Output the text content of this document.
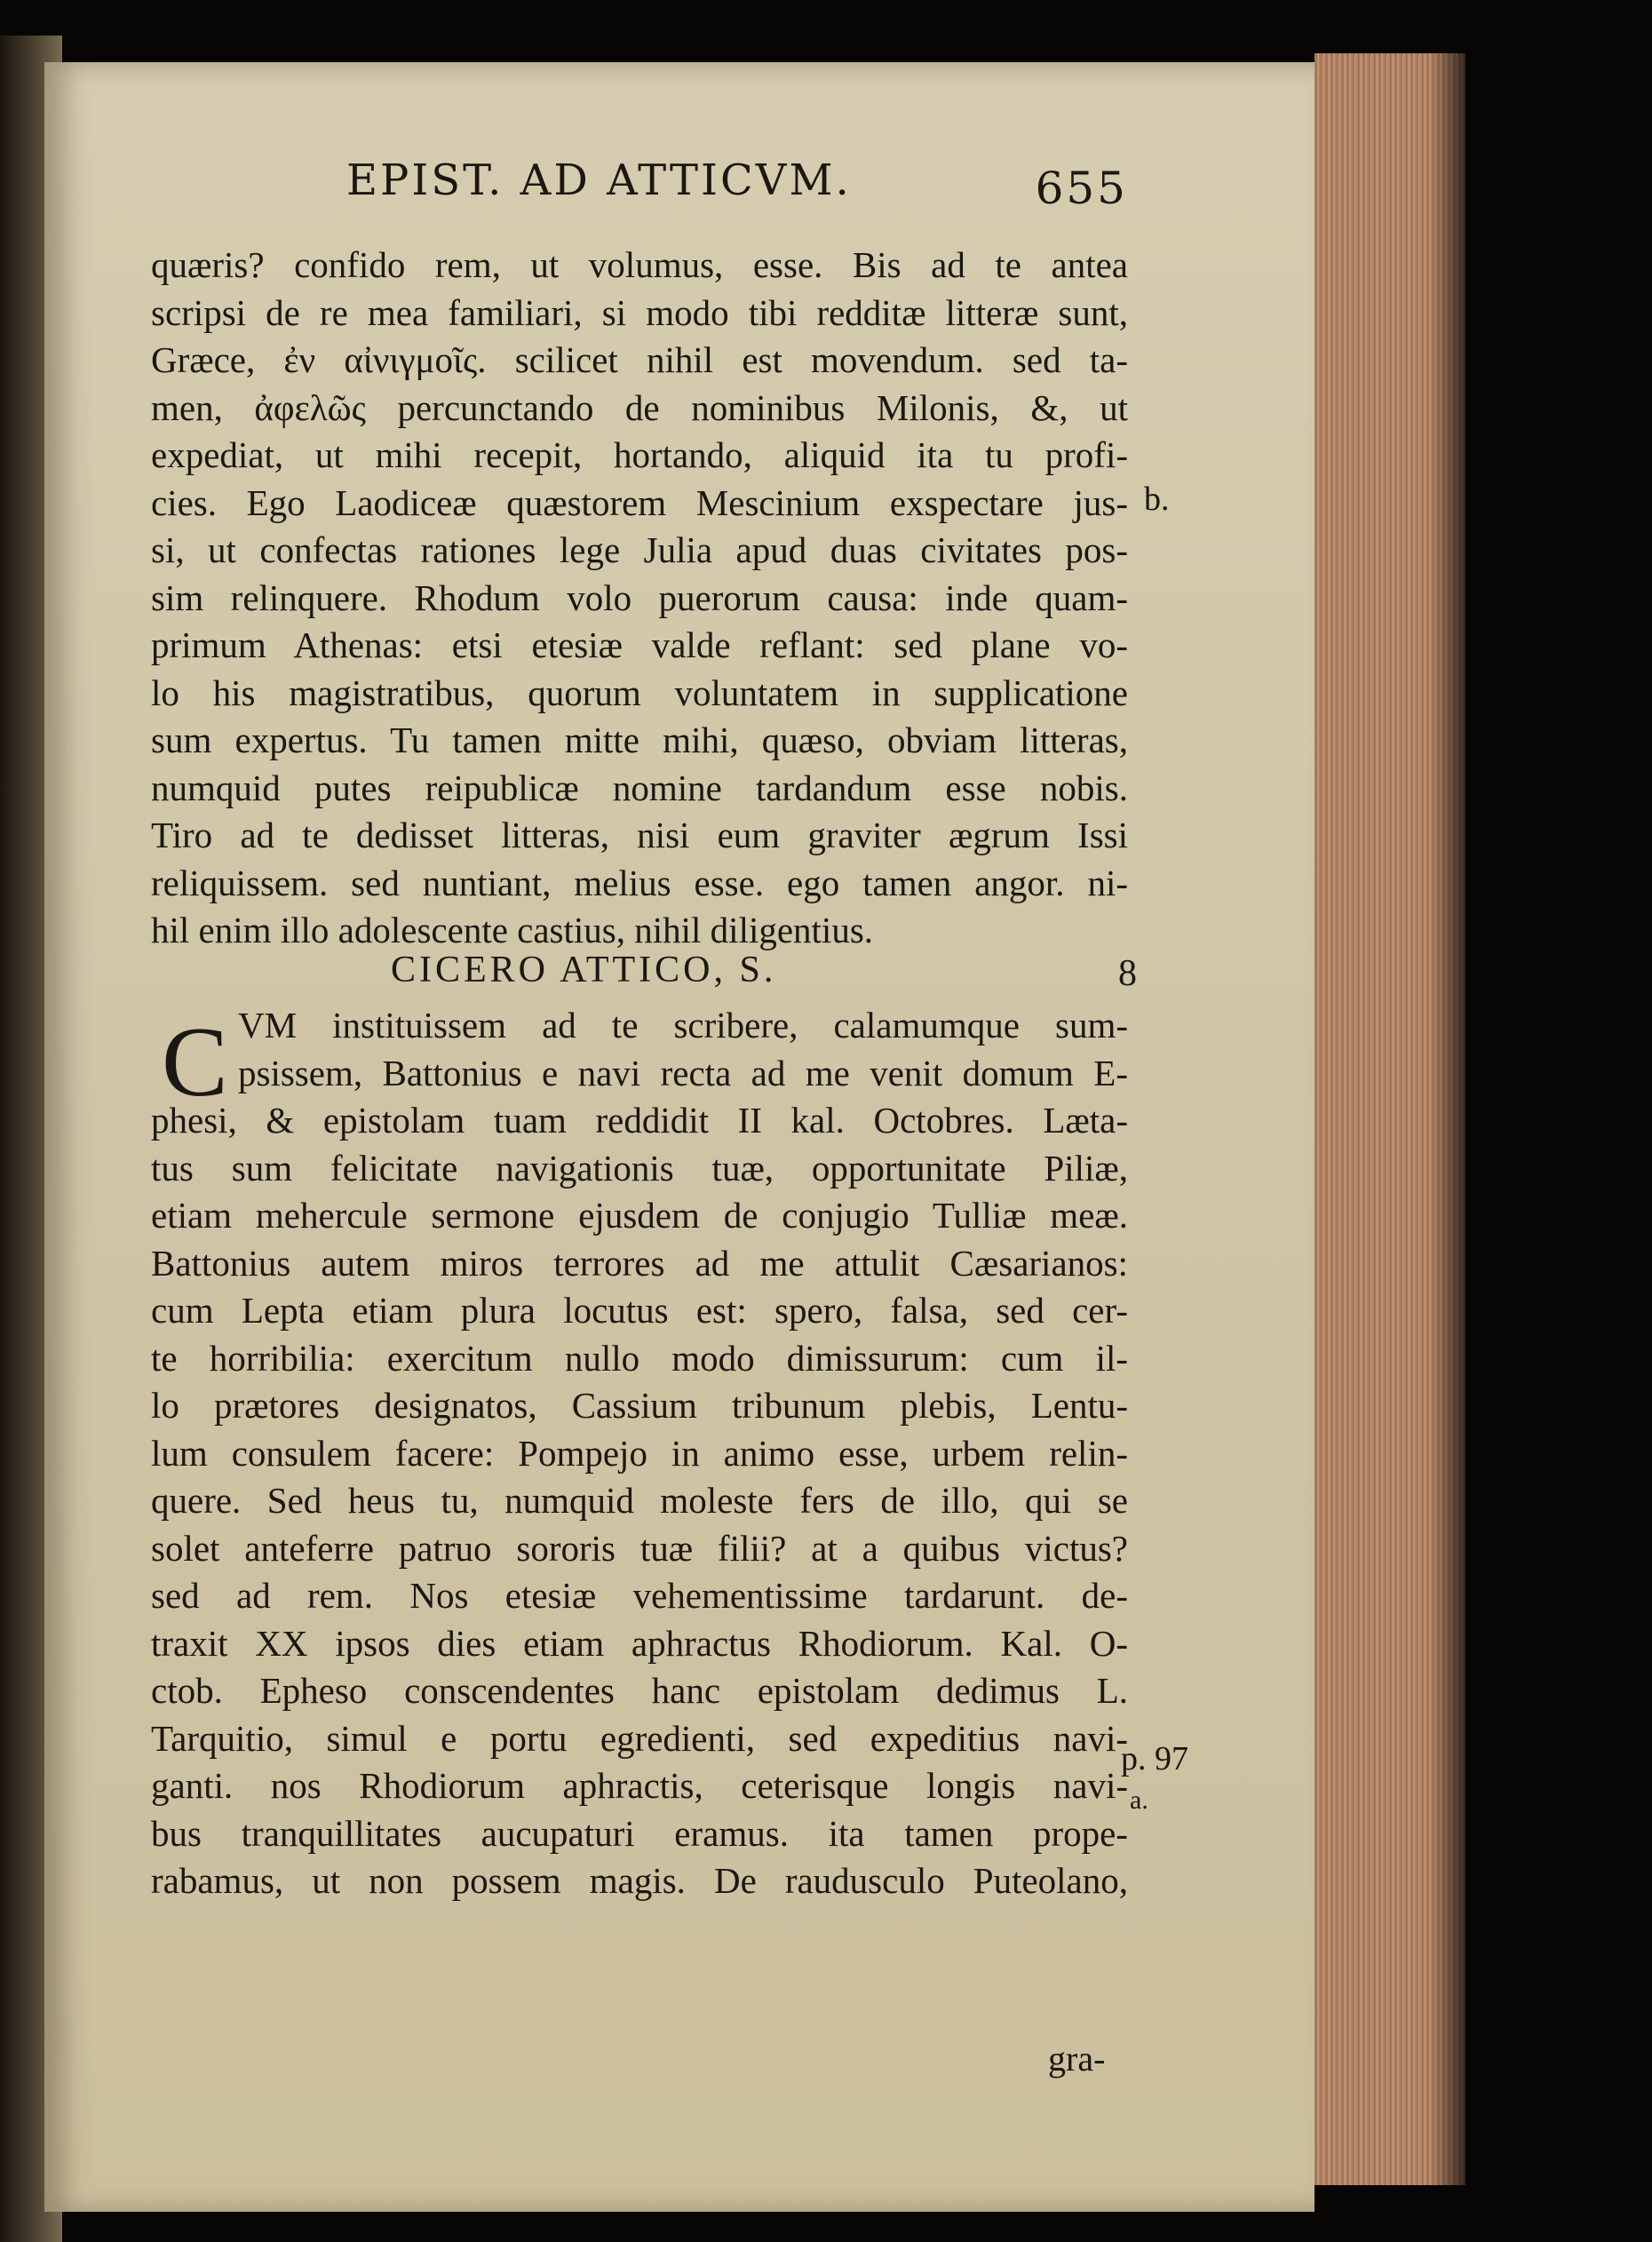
EPIST. AD ATTICVM.	655
quæris? confido rem, ut volumus, esse. Bis ad te antea
scripsi de re mea familiari, si modo tibi redditæ litteræ sunt,
Græce, ἐν αἰνιγμοῖς. scilicet nihil est movendum. sed ta-
men, ἀφελῶς percunctando de nominibus Milonis, &, ut
expediat, ut mihi recepit, hortando, aliquid ita tu profi-
cies. Ego Laodiceæ quæstorem Mescinium exspectare jus-
si, ut confectas rationes lege Julia apud duas civitates pos-
sim relinquere. Rhodum volo puerorum causa: inde quam-
primum Athenas: etsi etesiæ valde reflant: sed plane vo-
lo his magistratibus, quorum voluntatem in supplicatione
sum expertus. Tu tamen mitte mihi, quæso, obviam litteras,
numquid putes reipublicæ nomine tardandum esse nobis.
Tiro ad te dedisset litteras, nisi eum graviter ægrum Issi
reliquissem. sed nuntiant, melius esse. ego tamen angor. ni-
hil enim illo adolescente castius, nihil diligentius.
CICERO ATTICO, S.	8
C VM instituissem ad te scribere, calamumque sum-
psissem, Battonius e navi recta ad me venit domum E-
phesi, & epistolam tuam reddidit II kal. Octobres. Læta-
tus sum felicitate navigationis tuæ, opportunitate Piliæ,
etiam mehercule sermone ejusdem de conjugio Tulliæ meæ.
Battonius autem miros terrores ad me attulit Cæsarianos:
cum Lepta etiam plura locutus est: spero, falsa, sed cer-
te horribilia: exercitum nullo modo dimissurum: cum il-
lo prætores designatos, Cassium tribunum plebis, Lentu-
lum consulem facere: Pompejo in animo esse, urbem relin-
quere. Sed heus tu, numquid moleste fers de illo, qui se
solet anteferre patruo sororis tuæ filii? at a quibus victus?
sed ad rem. Nos etesiæ vehementissime tardarunt. de-
traxit XX ipsos dies etiam aphractus Rhodiorum. Kal. O-
ctob. Epheso conscendentes hanc epistolam dedimus L.
Tarquitio, simul e portu egredienti, sed expeditius navi-
ganti. nos Rhodiorum aphractis, ceterisque longis navi-
bus tranquillitates aucupaturi eramus. ita tamen prope-
rabamus, ut non possem magis. De raudusculo Puteolano,
gra-
b.
p. 97
a.
